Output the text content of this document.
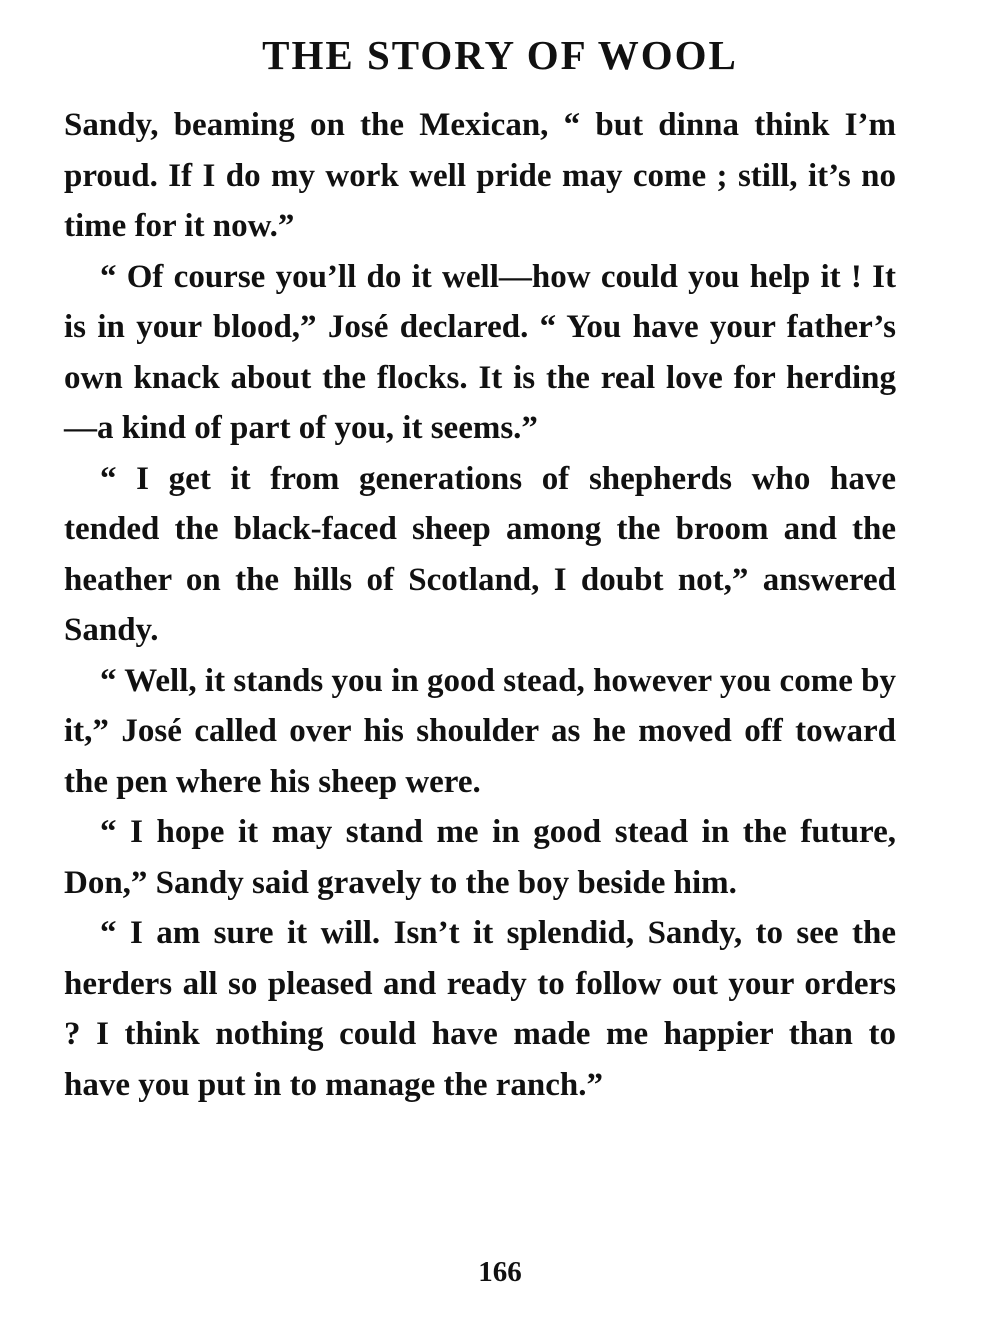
THE STORY OF WOOL

Sandy, beaming on the Mexican, “ but dinna think I’m proud. If I do my work well pride may come ; still, it’s no time for it now.”

“ Of course you’ll do it well—how could you help it ! It is in your blood,” José declared. “ You have your father’s own knack about the flocks. It is the real love for herding—a kind of part of you, it seems.”

“ I get it from generations of shepherds who have tended the black-faced sheep among the broom and the heather on the hills of Scotland, I doubt not,” answered Sandy.

“ Well, it stands you in good stead, however you come by it,” José called over his shoulder as he moved off toward the pen where his sheep were.

“ I hope it may stand me in good stead in the future, Don,” Sandy said gravely to the boy beside him.

“ I am sure it will. Isn’t it splendid, Sandy, to see the herders all so pleased and ready to follow out your orders ? I think nothing could have made me happier than to have you put in to manage the ranch.”

166
